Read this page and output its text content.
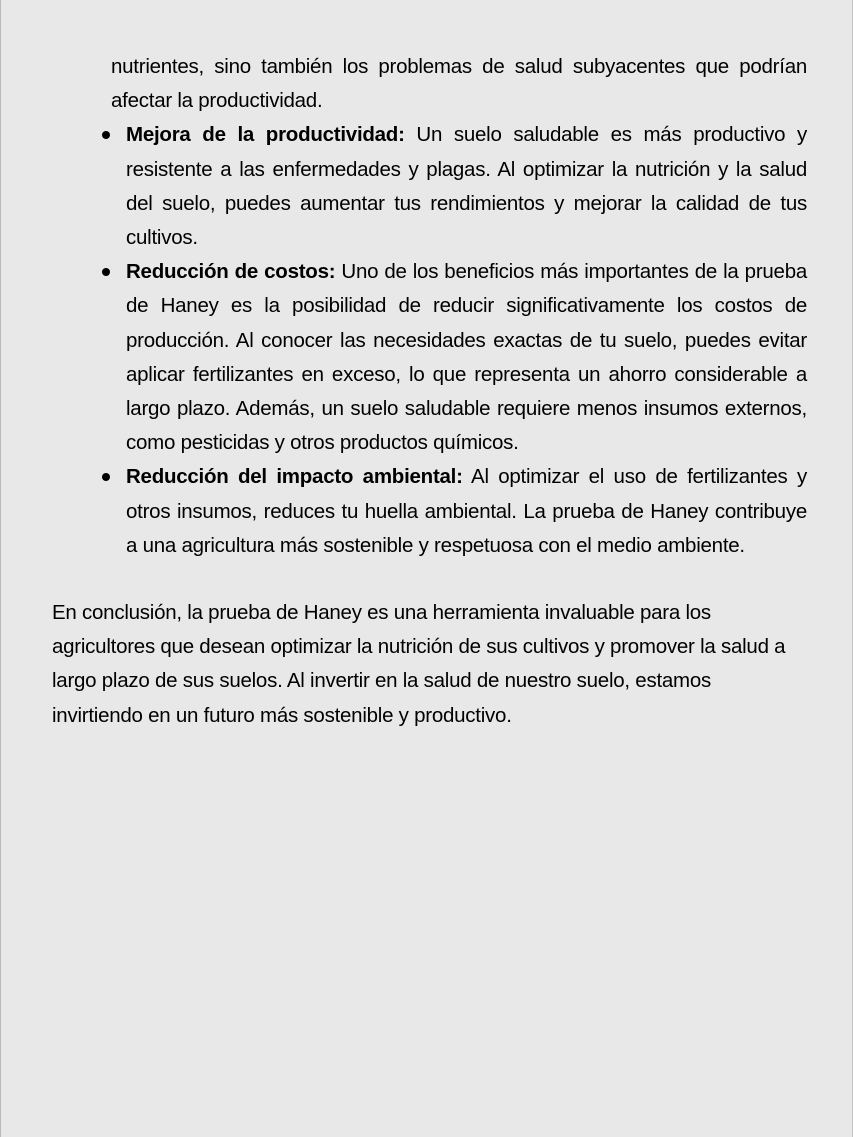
nutrientes, sino también los problemas de salud subyacentes que podrían afectar la productividad.
Mejora de la productividad: Un suelo saludable es más productivo y resistente a las enfermedades y plagas. Al optimizar la nutrición y la salud del suelo, puedes aumentar tus rendimientos y mejorar la calidad de tus cultivos.
Reducción de costos: Uno de los beneficios más importantes de la prueba de Haney es la posibilidad de reducir significativamente los costos de producción. Al conocer las necesidades exactas de tu suelo, puedes evitar aplicar fertilizantes en exceso, lo que representa un ahorro considerable a largo plazo. Además, un suelo saludable requiere menos insumos externos, como pesticidas y otros productos químicos.
Reducción del impacto ambiental: Al optimizar el uso de fertilizantes y otros insumos, reduces tu huella ambiental. La prueba de Haney contribuye a una agricultura más sostenible y respetuosa con el medio ambiente.

En conclusión, la prueba de Haney es una herramienta invaluable para los agricultores que desean optimizar la nutrición de sus cultivos y promover la salud a largo plazo de sus suelos. Al invertir en la salud de nuestro suelo, estamos invirtiendo en un futuro más sostenible y productivo.
